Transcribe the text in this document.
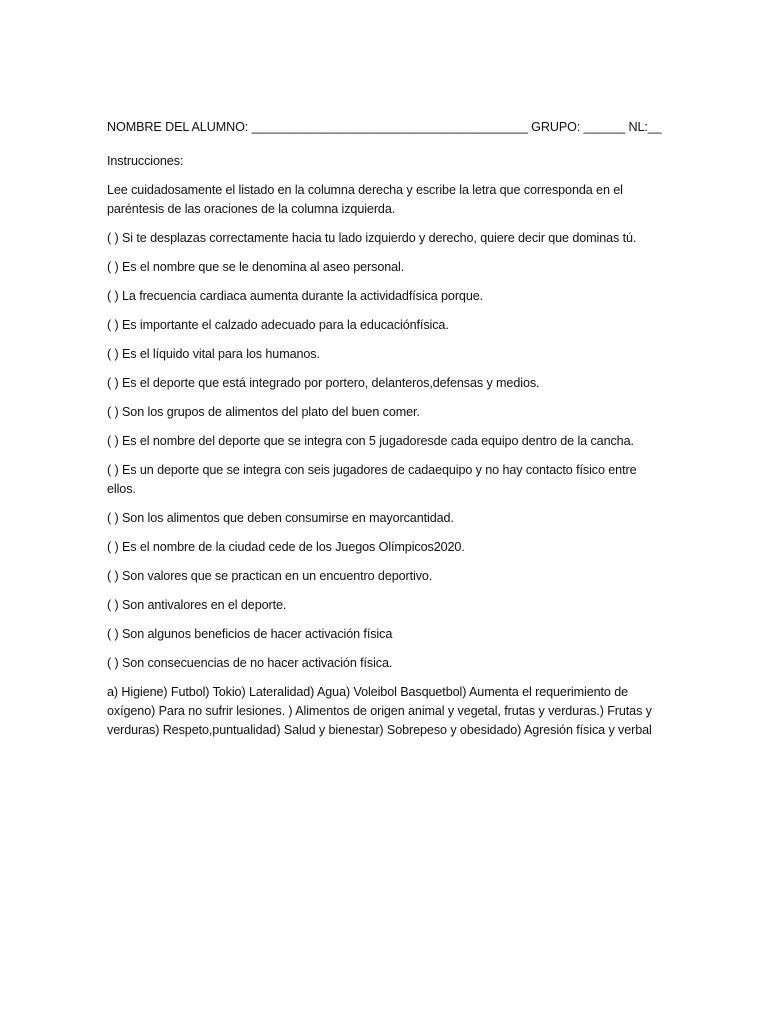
NOMBRE DEL ALUMNO: ________________________________________ GRUPO: ______ NL:__
Instrucciones:
Lee cuidadosamente el listado en la columna derecha y escribe la letra que corresponda en el paréntesis de las oraciones de la columna izquierda.
( ) Si te desplazas correctamente hacia tu lado izquierdo y derecho, quiere decir que dominas tú.
( ) Es el nombre que se le denomina al aseo personal.
( ) La frecuencia cardiaca aumenta durante la actividadfísica porque.
( ) Es importante el calzado adecuado para la educaciónfísica.
( ) Es el líquido vital para los humanos.
( ) Es el deporte que está integrado por portero, delanteros,defensas y medios.
( ) Son los grupos de alimentos del plato del buen comer.
( ) Es el nombre del deporte que se integra con 5 jugadoresde cada equipo dentro de la cancha.
( ) Es un deporte que se integra con seis jugadores de cadaequipo y no hay contacto físico entre ellos.
( ) Son los alimentos que deben consumirse en mayorcantidad.
( ) Es el nombre de la ciudad cede de los Juegos Olímpicos2020.
( ) Son valores que se practican en un encuentro deportivo.
( ) Son antivalores en el deporte.
( ) Son algunos beneficios de hacer activación física
( ) Son consecuencias de no hacer activación física.
a) Higiene) Futbol) Tokio) Lateralidad) Agua) Voleibol Basquetbol) Aumenta el requerimiento de oxígeno) Para no sufrir lesiones. ) Alimentos de origen animal y vegetal, frutas y verduras.) Frutas y verduras) Respeto,puntualidad) Salud y bienestar) Sobrepeso y obesidado) Agresión física y verbal
